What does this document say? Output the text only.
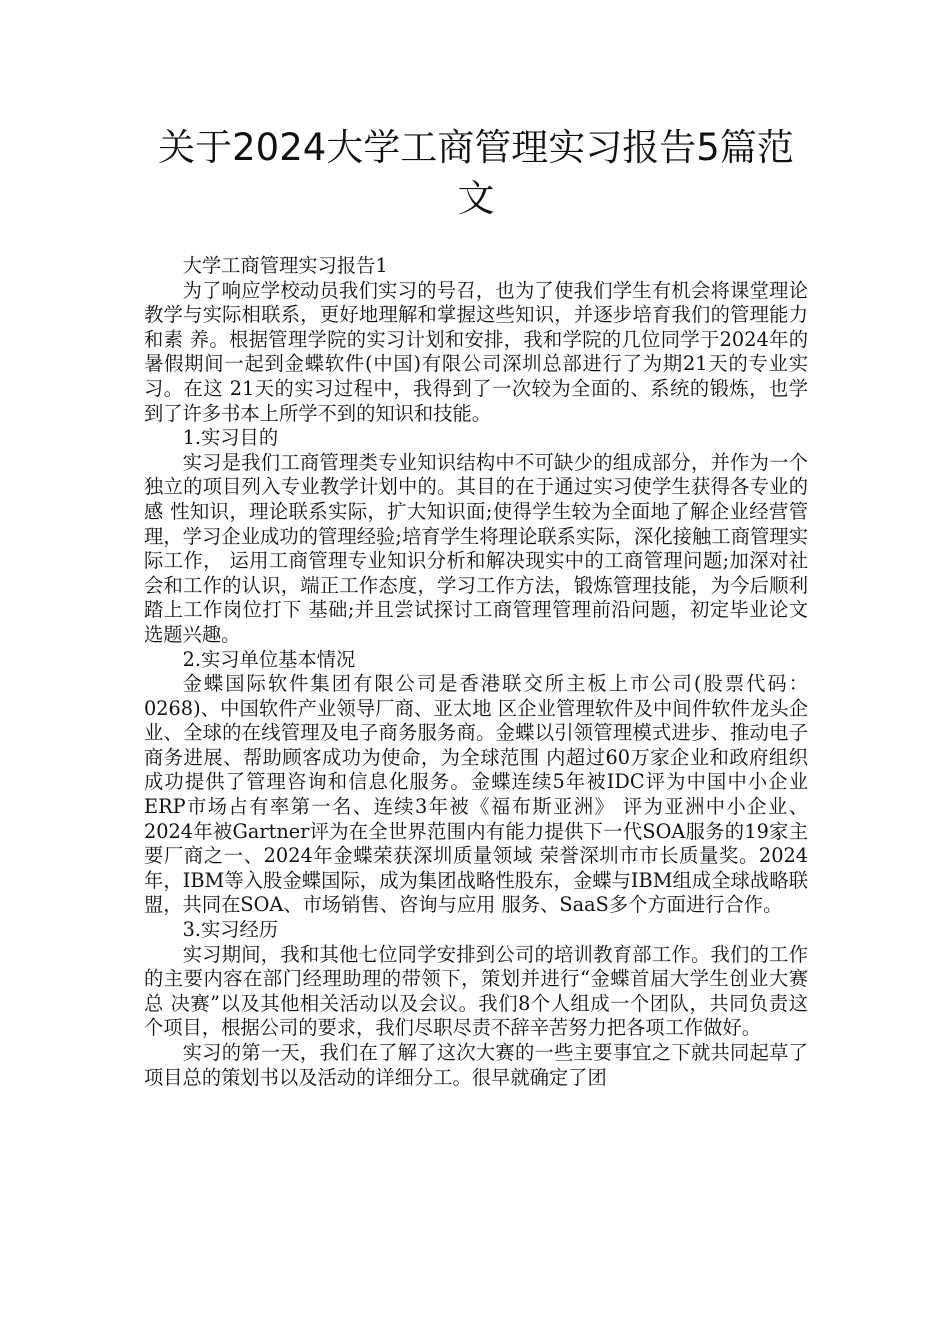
关于2024大学工商管理实习报告5篇范文

大学工商管理实习报告1

为了响应学校动员我们实习的号召，也为了使我们学生有机会将课堂理论教学与实际相联系，更好地理解和掌握这些知识，并逐步培育我们的管理能力和素 养。根据管理学院的实习计划和安排，我和学院的几位同学于2024年的暑假期间一起到金蝶软件(中国)有限公司深圳总部进行了为期21天的专业实习。在这 21天的实习过程中，我得到了一次较为全面的、系统的锻炼，也学到了许多书本上所学不到的知识和技能。

1.实习目的

实习是我们工商管理类专业知识结构中不可缺少的组成部分，并作为一个独立的项目列入专业教学计划中的。其目的在于通过实习使学生获得各专业的感 性知识，理论联系实际，扩大知识面;使得学生较为全面地了解企业经营管理，学习企业成功的管理经验;培育学生将理论联系实际，深化接触工商管理实际工作， 运用工商管理专业知识分析和解决现实中的工商管理问题;加深对社会和工作的认识，端正工作态度，学习工作方法，锻炼管理技能，为今后顺利踏上工作岗位打下 基础;并且尝试探讨工商管理管理前沿问题，初定毕业论文选题兴趣。

2.实习单位基本情况

金蝶国际软件集团有限公司是香港联交所主板上市公司(股票代码：0268)、中国软件产业领导厂商、亚太地 区企业管理软件及中间件软件龙头企业、全球的在线管理及电子商务服务商。金蝶以引领管理模式进步、推动电子商务进展、帮助顾客成功为使命，为全球范围 内超过60万家企业和政府组织成功提供了管理咨询和信息化服务。金蝶连续5年被IDC评为中国中小企业ERP市场占有率第一名、连续3年被《福布斯亚洲》 评为亚洲中小企业、2024年被Gartner评为在全世界范围内有能力提供下一代SOA服务的19家主要厂商之一、2024年金蝶荣获深圳质量领域 荣誉深圳市市长质量奖。2024年，IBM等入股金蝶国际，成为集团战略性股东，金蝶与IBM组成全球战略联盟，共同在SOA、市场销售、咨询与应用 服务、SaaS多个方面进行合作。

3.实习经历

实习期间，我和其他七位同学安排到公司的培训教育部工作。我们的工作的主要内容在部门经理助理的带领下，策划并进行“金蝶首届大学生创业大赛总 决赛”以及其他相关活动以及会议。我们8个人组成一个团队，共同负责这个项目，根据公司的要求，我们尽职尽责不辞辛苦努力把各项工作做好。

实习的第一天，我们在了解了这次大赛的一些主要事宜之下就共同起草了项目总的策划书以及活动的详细分工。很早就确定了团
